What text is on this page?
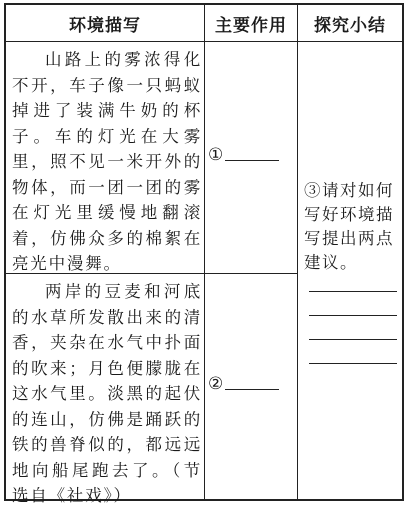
环境描写	主要作用	探究小结
山路上的雾浓得化不开，车子像一只蚂蚁掉进了装满牛奶的杯子。车的灯光在大雾里，照不见一米开外的物体，而一团一团的雾在灯光里缓慢地翻滚着，仿佛众多的棉絮在亮光中漫舞。
①
两岸的豆麦和河底的水草所发散出来的清香，夹杂在水气中扑面的吹来；月色便朦胧在这水气里。淡黑的起伏的连山，仿佛是踊跃的铁的兽脊似的，都远远地向船尾跑去了。（节选自《社戏》）
②
③请对如何写好环境描写提出两点建议。
